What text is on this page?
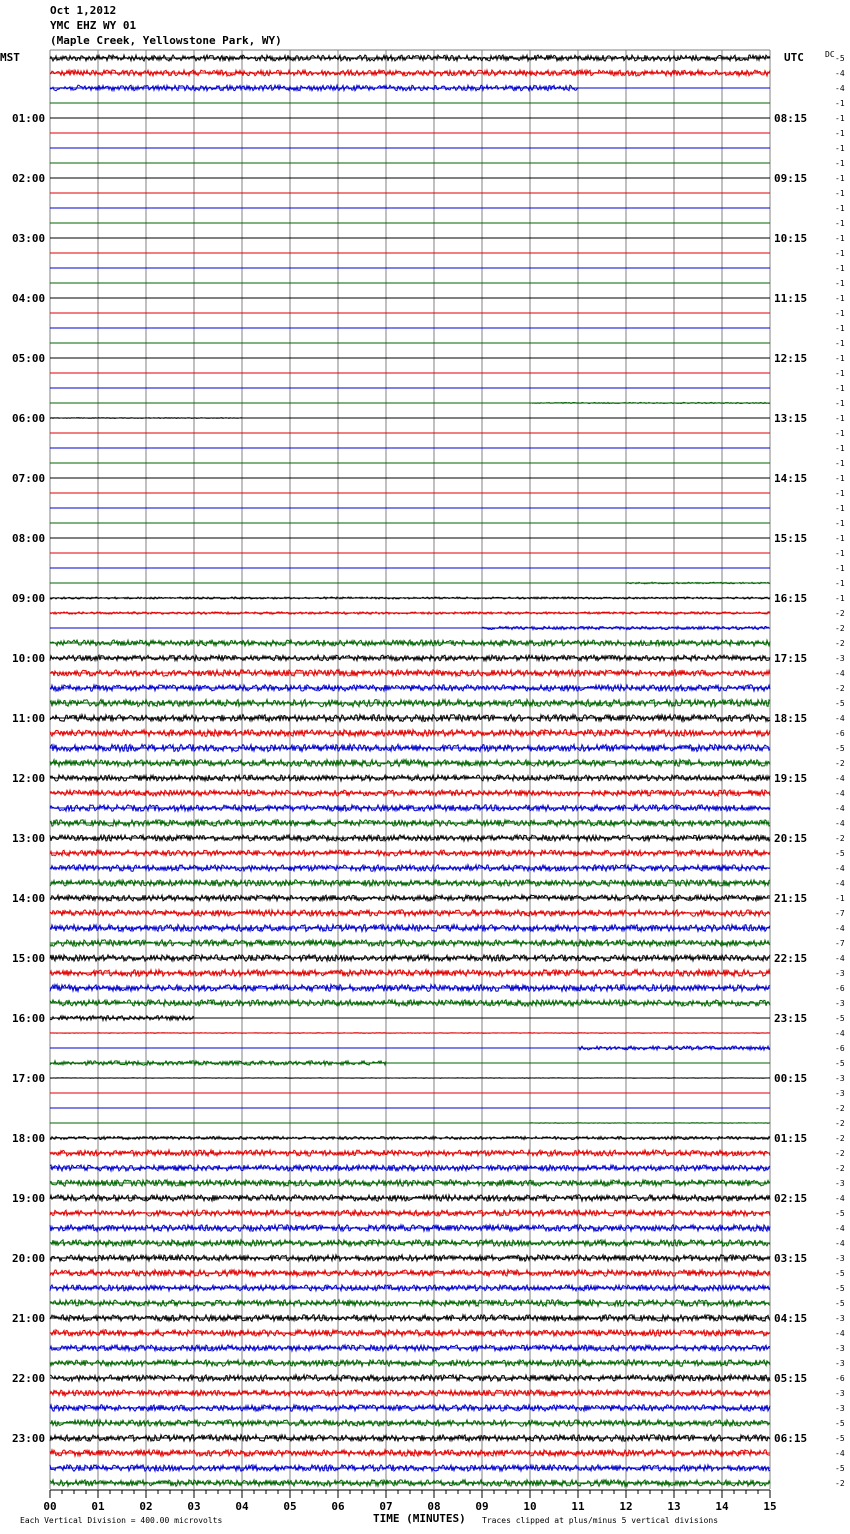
Oct 1,2012
YMC EHZ WY 01
(Maple Creek, Yellowstone Park, WY)
MST	UTC	DC
TIME (MINUTES)
Each Vertical Division = 400.00 microvolts	Traces clipped at plus/minus 5 vertical divisions
-5
-4
-4
-1
-1
-1
-1
-1
-1
-1
-1
-1
-1
-1
-1
-1
-1
-1
-1
-1
-1
-1
-1
-1
-1
-1
-1
-1
-1
-1
-1
-1
-1
-1
-1
-1
-1
-2
-2
-2
-3
-4
-2
-5
-4
-6
-5
-2
-4
-4
-4
-4
-2
-5
-4
-4
-1
-7
-4
-7
-4
-3
-6
-3
-5
-4
-6
-5
-3
-3
-2
-2
-2
-2
-2
-3
-4
-5
-4
-4
-3
-5
-5
-5
-3
-4
-3
-3
-6
-3
-3
-5
-5
-4
-5
-2
01:00
02:00
03:00
04:00
05:00
06:00
07:00
08:00
09:00
10:00
11:00
12:00
13:00
14:00
15:00
16:00
17:00
18:00
19:00
20:00
21:00
22:00
23:00
08:15
09:15
10:15
11:15
12:15
13:15
14:15
15:15
16:15
17:15
18:15
19:15
20:15
21:15
22:15
23:15
00:15
01:15
02:15
03:15
04:15
05:15
06:15
00	01	02	03	04	05	06	07	08	09	10	11	12	13	14	15
